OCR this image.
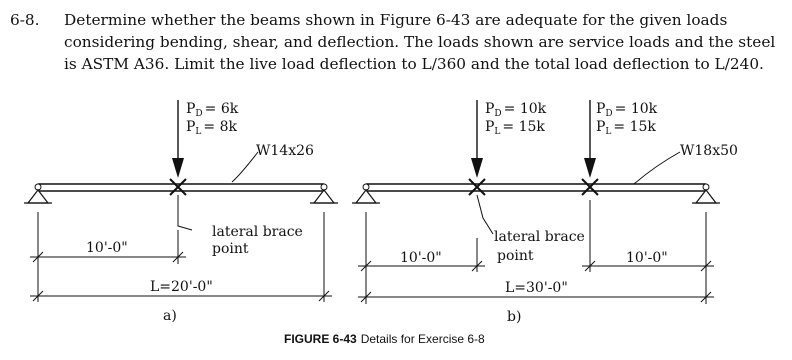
6-8. Determine whether the beams shown in Figure 6-43 are adequate for the given loads considering bending, shear, and deflection. The loads shown are service loads and the steel is ASTM A36. Limit the live load deflection to L/360 and the total load deflection to L/240.
$P_D = 6k$
$P_L = 8k$
W14x26
lateral brace
point
10'-0"
L=20'-0"
a)
$P_D = 10k$
$P_L = 15k$
$P_D = 10k$
$P_L = 15k$
W18x50
lateral brace
point
10'-0"	10'-0"
L=30'-0"
b)
FIGURE 6-43 Details for Exercise 6-8
